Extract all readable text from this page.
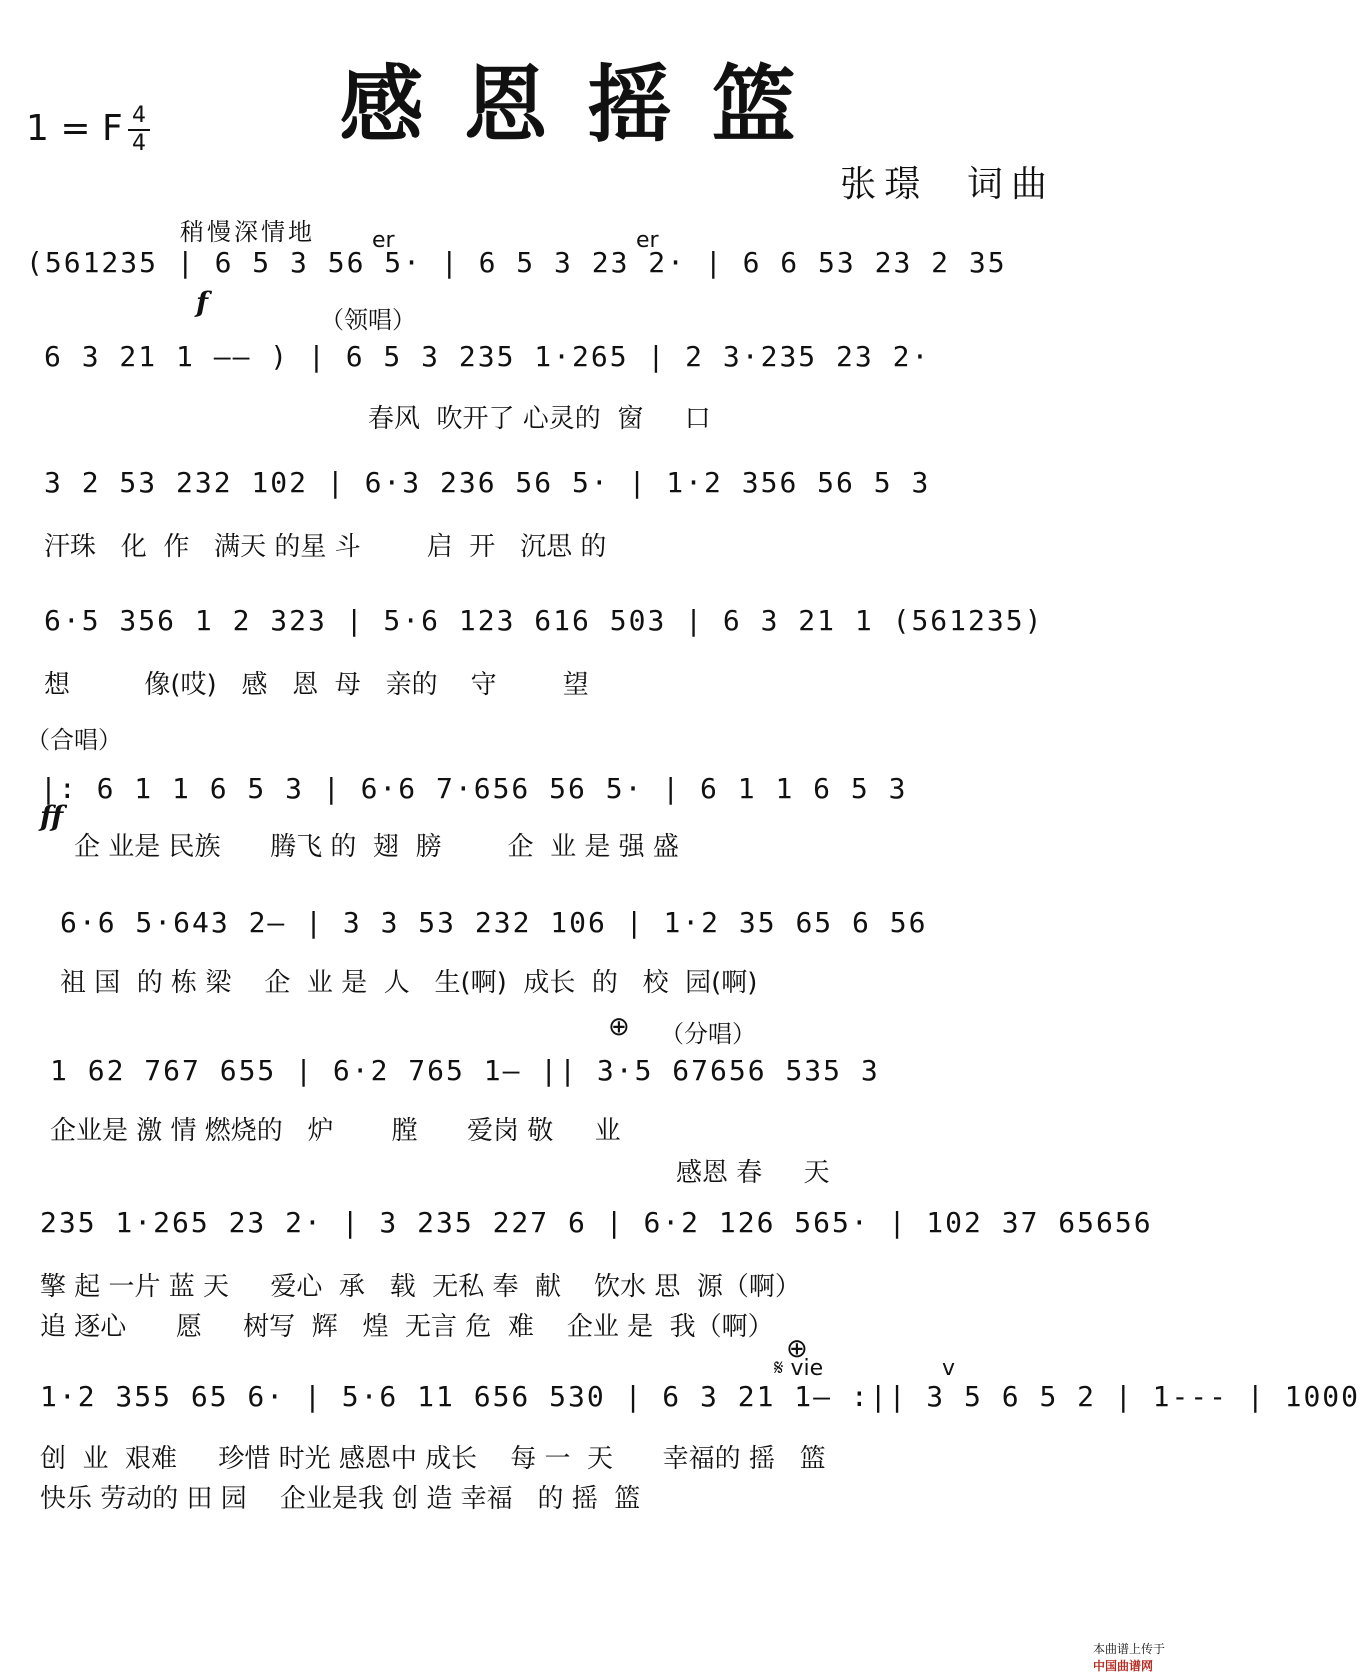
感恩摇篮
1 = F 4
4
张璟  词曲
稍慢深情地	er	er
(561235 | 6 5 3 56 5· | 6 5 3 23 2· | 6 6 53 23 2 35
f
（领唱）
6 3 21 1 —— ) | 6 5 3 235 1·265 | 2 3·235 23 2·
春风  吹开了 心灵的  窗     口
3 2 53 232 102 | 6·3 236 56 5· | 1·2 356 56 5 3
汗珠   化  作   满天 的星 斗        启  开   沉思 的
6·5 356 1 2 323 | 5·6 123 616 503 | 6 3 21 1 (561235)
想         像(哎)   感   恩  母   亲的    守        望
（合唱）
|: 6 1 1 6 5 3 | 6·6 7·656 56 5· | 6 1 1 6 5 3
ff
企 业是 民族      腾飞 的  翅  膀        企  业 是 强 盛
6·6 5·643 2— | 3 3 53 232 106 | 1·2 35 65 6 56
祖 国  的 栋 梁    企  业 是  人   生(啊)  成长  的   校  园(啊)
⊕ （分唱）
1 62 767 655 | 6·2 765 1— || 3·5 67656 535 3
企业是 激 情 燃烧的   炉       膛      爱岗 敬     业
感恩 春     天
235 1·265 23 2· | 3 235 227 6 | 6·2 126 565· | 102 37 65656
擎 起 一片 蓝 天     爱心  承   载  无私 奉  献    饮水 思  源（啊）
追 逐心      愿     树写  辉   煌  无言 危  难    企业 是  我（啊）
⊕
𝄋 vie	v
1·2 355 65 6· | 5·6 11 656 530 | 6 3 21 1— :|| 3 5 6 5 2 | 1--- | 1000
创  业  艰难     珍惜 时光 感恩中 成长    每 一  天      幸福的 摇   篮
快乐 劳动的 田 园    企业是我 创 造 幸福   的 摇  篮

本曲谱上传于
中国曲谱网
